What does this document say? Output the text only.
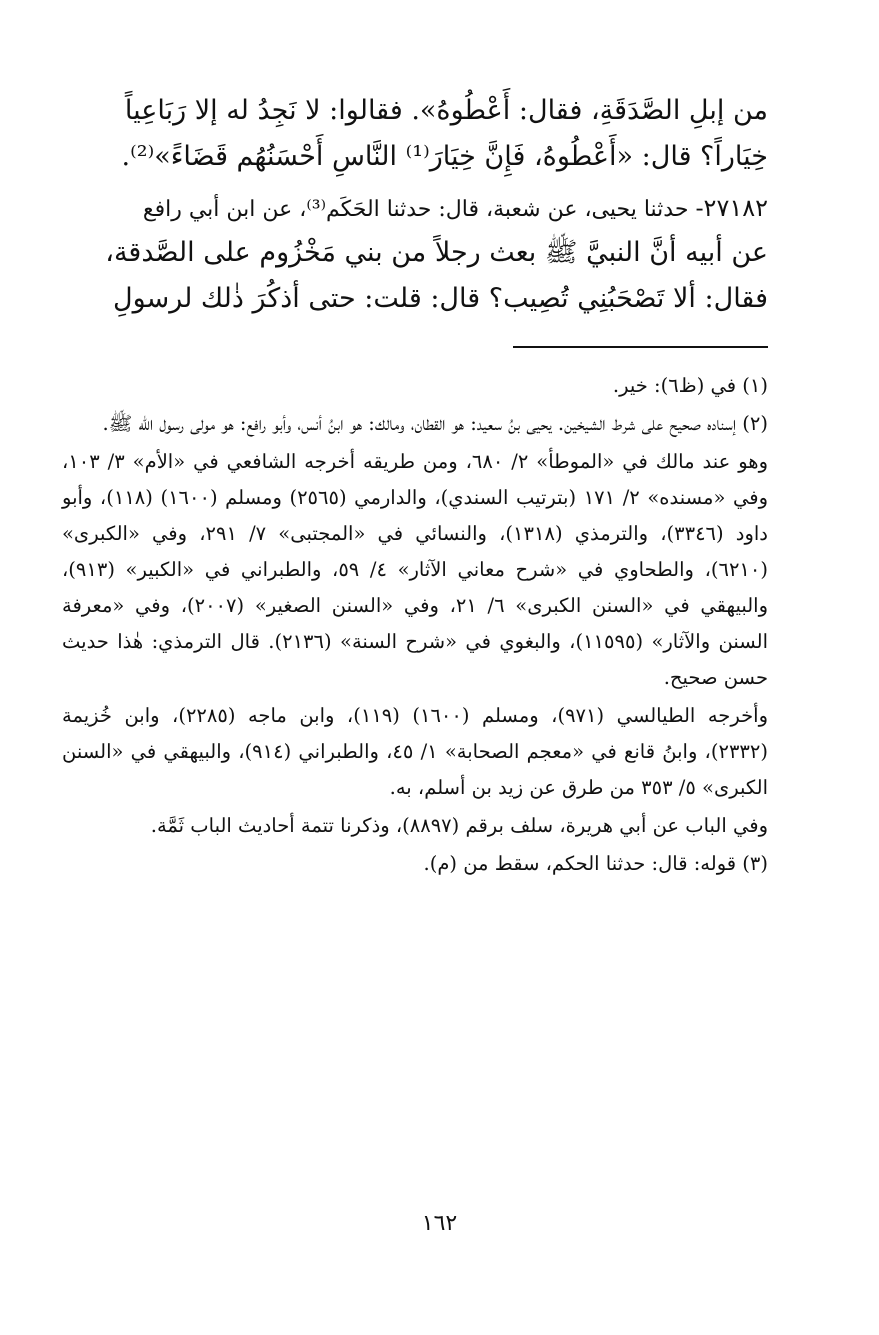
من إبلِ الصَّدَقَةِ، فقال: أَعْطُوهُ». فقالوا: لا نَجِدُ له إلا رَبَاعِياً

خِيَاراً؟ قال: «أَعْطُوهُ، فَإِنَّ خِيَارَ⁽¹⁾ النَّاسِ أَحْسَنُهُم قَضَاءً»⁽²⁾.

٢٧١٨٢- حدثنا يحيى، عن شعبة، قال: حدثنا الحَكَم⁽³⁾، عن ابن أبي رافع

عن أبيه أنَّ النبيَّ ﷺ بعث رجلاً من بني مَخْزُوم على الصَّدقة،

فقال: ألا تَصْحَبُنِي تُصِيب؟ قال: قلت: حتى أذكُرَ ذٰلك لرسولِ

(١) في (ظ٦): خير.

(٢) إسناده صحيح على شرط الشيخين. يحيى بنُ سعيد: هو القطان، ومالك: هو ابنُ أنس، وأبو رافع: هو مولى رسول الله ﷺ.

وهو عند مالك في «الموطأ» ٢/ ٦٨٠، ومن طريقه أخرجه الشافعي في «الأم» ٣/ ١٠٣، وفي «مسنده» ٢/ ١٧١ (بترتيب السندي)، والدارمي (٢٥٦٥) ومسلم (١٦٠٠) (١١٨)، وأبو داود (٣٣٤٦)، والترمذي (١٣١٨)، والنسائي في «المجتبى» ٧/ ٢٩١، وفي «الكبرى» (٦٢١٠)، والطحاوي في «شرح معاني الآثار» ٤/ ٥٩، والطبراني في «الكبير» (٩١٣)، والبيهقي في «السنن الكبرى» ٦/ ٢١، وفي «السنن الصغير» (٢٠٠٧)، وفي «معرفة السنن والآثار» (١١٥٩٥)، والبغوي في «شرح السنة» (٢١٣٦). قال الترمذي: هٰذا حديث حسن صحيح.

وأخرجه الطيالسي (٩٧١)، ومسلم (١٦٠٠) (١١٩)، وابن ماجه (٢٢٨٥)، وابن خُزيمة (٢٣٣٢)، وابنُ قانع في «معجم الصحابة» ١/ ٤٥، والطبراني (٩١٤)، والبيهقي في «السنن الكبرى» ٥/ ٣٥٣ من طرق عن زيد بن أسلم، به.

وفي الباب عن أبي هريرة، سلف برقم (٨٨٩٧)، وذكرنا تتمة أحاديث الباب ثَمَّة.

(٣) قوله: قال: حدثنا الحكم، سقط من (م).

١٦٢
